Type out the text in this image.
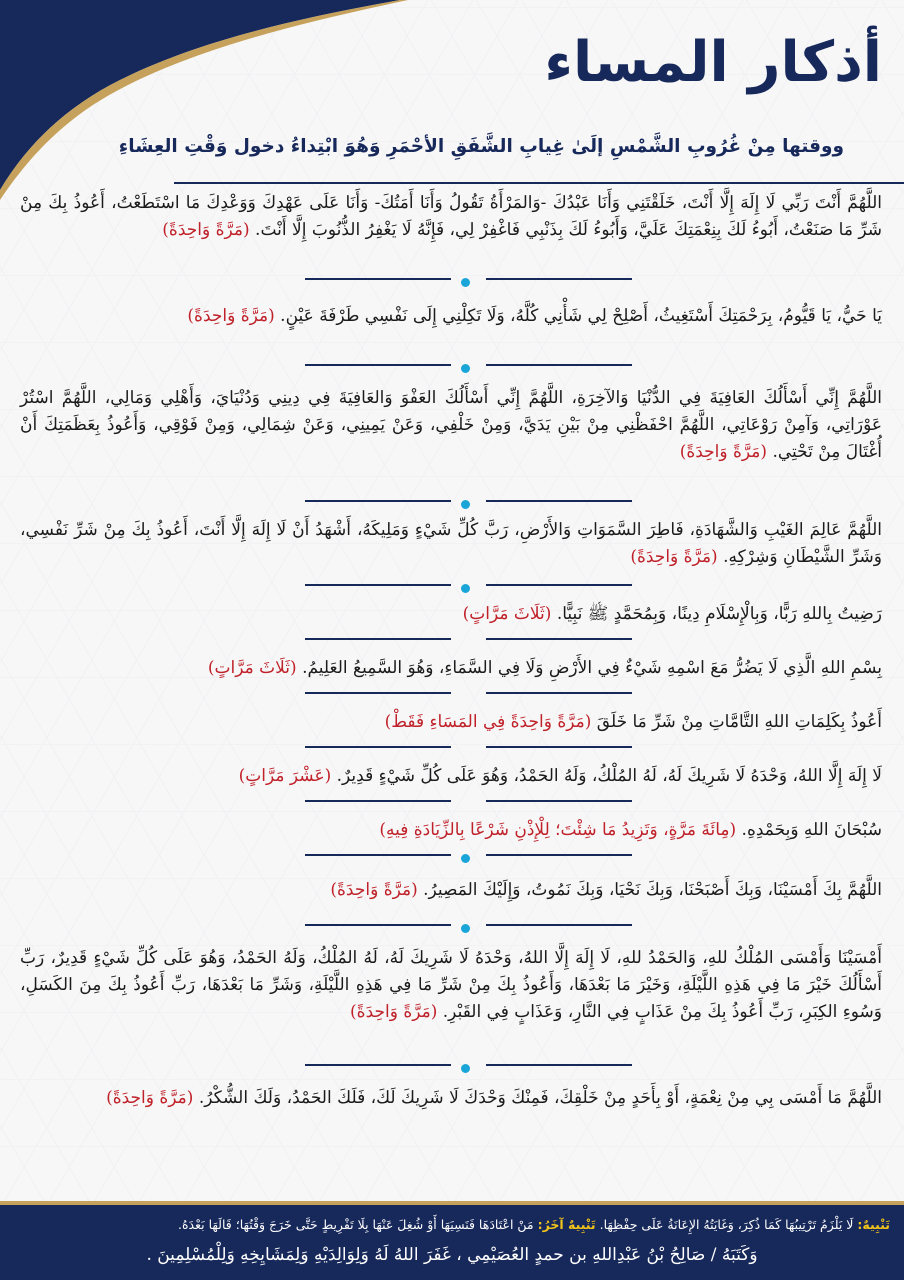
أذكار المساء
ووقتها مِنْ غُرُوبِ الشَّمْسِ إلَىٰ غِيابِ الشَّفَقِ الأحْمَرِ وَهُوَ ابْتِداءُ دخول وَقْتِ العِشَاءِ

اللَّهُمَّ أَنْتَ رَبِّي لَا إِلَهَ إِلَّا أَنْتَ، خَلَقْتَنِي وَأَنَا عَبْدُكَ -وَالمَرْأَةُ تَقُولُ وَأَنَا أَمَتُكَ- وَأَنَا عَلَى عَهْدِكَ وَوَعْدِكَ مَا اسْتَطَعْتُ، أَعُوذُ بِكَ مِنْ شَرِّ مَا صَنَعْتُ، أَبُوءُ لَكَ بِنِعْمَتِكَ عَلَيَّ، وَأَبُوءُ لَكَ بِذَنْبِي فَاغْفِرْ لِي، فَإِنَّهُ لَا يَغْفِرُ الذُّنُوبَ إِلَّا أَنْتَ. (مَرَّةً وَاحِدَةً)

يَا حَيُّ، يَا قَيُّومُ، بِرَحْمَتِكَ أَسْتَغِيثُ، أَصْلِحْ لِي شَأْنِي كُلَّهُ، وَلَا تَكِلْنِي إِلَى نَفْسِي طَرْفَةَ عَيْنٍ. (مَرَّةً وَاحِدَةً)

اللَّهُمَّ إِنِّي أَسْأَلُكَ العَافِيَةَ فِي الدُّنْيَا وَالآخِرَةِ، اللَّهُمَّ إِنِّي أَسْأَلُكَ العَفْوَ وَالعَافِيَةَ فِي دِينِي وَدُنْيَايَ، وَأَهْلِي وَمَالِي، اللَّهُمَّ اسْتُرْ عَوْرَاتِي، وَآمِنْ رَوْعَاتِي، اللَّهُمَّ احْفَظْنِي مِنْ بَيْنِ يَدَيَّ، وَمِنْ خَلْفِي، وَعَنْ يَمِينِي، وَعَنْ شِمَالِي، وَمِنْ فَوْقِي، وَأَعُوذُ بِعَظَمَتِكَ أَنْ أُغْتَالَ مِنْ تَحْتِي. (مَرَّةً وَاحِدَةً)

اللَّهُمَّ عَالِمَ الغَيْبِ وَالشَّهَادَةِ، فَاطِرَ السَّمَوَاتِ وَالأَرْضِ، رَبَّ كُلِّ شَيْءٍ وَمَلِيكَهُ، أَشْهَدُ أَنْ لَا إِلَهَ إِلَّا أَنْتَ، أَعُوذُ بِكَ مِنْ شَرِّ نَفْسِي، وَشَرِّ الشَّيْطَانِ وَشِرْكِهِ. (مَرَّةً وَاحِدَةً)

رَضِيتُ بِاللهِ رَبًّا، وَبِالْإِسْلَامِ دِينًا، وَبِمُحَمَّدٍ ﷺ نَبِيًّا. (ثَلَاثَ مَرَّاتٍ)

بِسْمِ اللهِ الَّذِي لَا يَضُرُّ مَعَ اسْمِهِ شَيْءٌ فِي الأَرْضِ وَلَا فِي السَّمَاءِ، وَهُوَ السَّمِيعُ العَلِيمُ. (ثَلَاثَ مَرَّاتٍ)

أَعُوذُ بِكَلِمَاتِ اللهِ التَّامَّاتِ مِنْ شَرِّ مَا خَلَقَ (مَرَّةً وَاحِدَةً فِي المَسَاءِ فَقَطْ)

لَا إِلَهَ إِلَّا اللهُ، وَحْدَهُ لَا شَرِيكَ لَهُ، لَهُ المُلْكُ، وَلَهُ الحَمْدُ، وَهُوَ عَلَى كُلِّ شَيْءٍ قَدِيرٌ. (عَشْرَ مَرَّاتٍ)

سُبْحَانَ اللهِ وَبِحَمْدِهِ. (مِائَةَ مَرَّةٍ، وَتَزِيدُ مَا شِئْتَ؛ لِلْإِذْنِ شَرْعًا بِالزِّيَادَةِ فِيهِ)

اللَّهُمَّ بِكَ أَمْسَيْنَا، وَبِكَ أَصْبَحْنَا، وَبِكَ نَحْيَا، وَبِكَ نَمُوتُ، وَإِلَيْكَ المَصِيرُ. (مَرَّةً وَاحِدَةً)

أَمْسَيْنَا وَأَمْسَى المُلْكُ للهِ، وَالحَمْدُ للهِ، لَا إِلَهَ إِلَّا اللهُ، وَحْدَهُ لَا شَرِيكَ لَهُ، لَهُ المُلْكُ، وَلَهُ الحَمْدُ، وَهُوَ عَلَى كُلِّ شَيْءٍ قَدِيرٌ، رَبِّ أَسْأَلُكَ خَيْرَ مَا فِي هَذِهِ اللَّيْلَةِ، وَخَيْرَ مَا بَعْدَهَا، وَأَعُوذُ بِكَ مِنْ شَرِّ مَا فِي هَذِهِ اللَّيْلَةِ، وَشَرِّ مَا بَعْدَهَا، رَبِّ أَعُوذُ بِكَ مِنَ الكَسَلِ، وَسُوءِ الكِبَرِ، رَبِّ أَعُوذُ بِكَ مِنْ عَذَابٍ فِي النَّارِ، وَعَذَابٍ فِي القَبْرِ. (مَرَّةً وَاحِدَةً)

اللَّهُمَّ مَا أَمْسَى بِي مِنْ نِعْمَةٍ، أَوْ بِأَحَدٍ مِنْ خَلْقِكَ، فَمِنْكَ وَحْدَكَ لَا شَرِيكَ لَكَ، فَلَكَ الحَمْدُ، وَلَكَ الشُّكْرُ. (مَرَّةً وَاحِدَةً)

تَنْبِيهٌ: لَا يَلْزَمُ تَرْتِيبُهَا كَمَا ذُكِرَ، وَغَايَتُهُ الإِعَانَةُ عَلَى حِفْظِهَا. تَنْبِيهٌ آخَرُ: مَنْ اعْتَادَهَا فَنَسِيَهَا أَوْ شُغِلَ عَنْهَا بِلَا تَفْرِيطٍ حَتَّى خَرَجَ وَقْتُهَا؛ قَالَهَا بَعْدَهُ.
وَكَتَبَهُ / صَالِحُ بْنُ عَبْدِاللهِ بن حمدٍ العُصَيْمِي ، غَفَرَ اللهُ لَهُ وَلِوَالِدَيْهِ وَلِمَشَايِخِهِ وَلِلْمُسْلِمِينَ .
